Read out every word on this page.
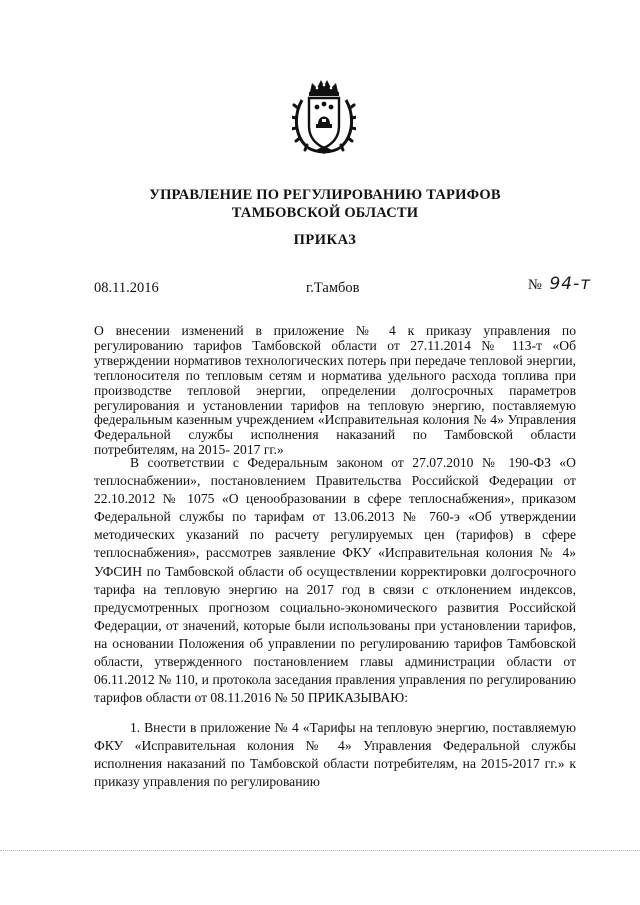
УПРАВЛЕНИЕ ПО РЕГУЛИРОВАНИЮ ТАРИФОВ
ТАМБОВСКОЙ ОБЛАСТИ
ПРИКАЗ
08.11.2016	г.Тамбов	№ 94-т
О внесении изменений в приложение № 4 к приказу управления по регулированию тарифов Тамбовской области от 27.11.2014 № 113-т «Об утверждении нормативов технологических потерь при передаче тепловой энергии, теплоносителя по тепловым сетям и норматива удельного расхода топлива при производстве тепловой энергии, определении долгосрочных параметров регулирования и установлении тарифов на тепловую энергию, поставляемую федеральным казенным учреждением «Исправительная колония № 4» Управления Федеральной службы исполнения наказаний по Тамбовской области потребителям, на 2015- 2017 гг.»
В соответствии с Федеральным законом от 27.07.2010 № 190-ФЗ «О теплоснабжении», постановлением Правительства Российской Федерации от 22.10.2012 № 1075 «О ценообразовании в сфере теплоснабжения», приказом Федеральной службы по тарифам от 13.06.2013 № 760-э «Об утверждении методических указаний по расчету регулируемых цен (тарифов) в сфере теплоснабжения», рассмотрев заявление ФКУ «Исправительная колония № 4» УФСИН по Тамбовской области об осуществлении корректировки долгосрочного тарифа на тепловую энергию на 2017 год в связи с отклонением индексов, предусмотренных прогнозом социально-экономического развития Российской Федерации, от значений, которые были использованы при установлении тарифов, на основании Положения об управлении по регулированию тарифов Тамбовской области, утвержденного постановлением главы администрации области от 06.11.2012 № 110, и протокола заседания правления управления по регулированию тарифов области от 08.11.2016 № 50 ПРИКАЗЫВАЮ:
1. Внести в приложение № 4 «Тарифы на тепловую энергию, поставляемую ФКУ «Исправительная колония № 4» Управления Федеральной службы исполнения наказаний по Тамбовской области потребителям, на 2015-2017 гг.» к приказу управления по регулированию
